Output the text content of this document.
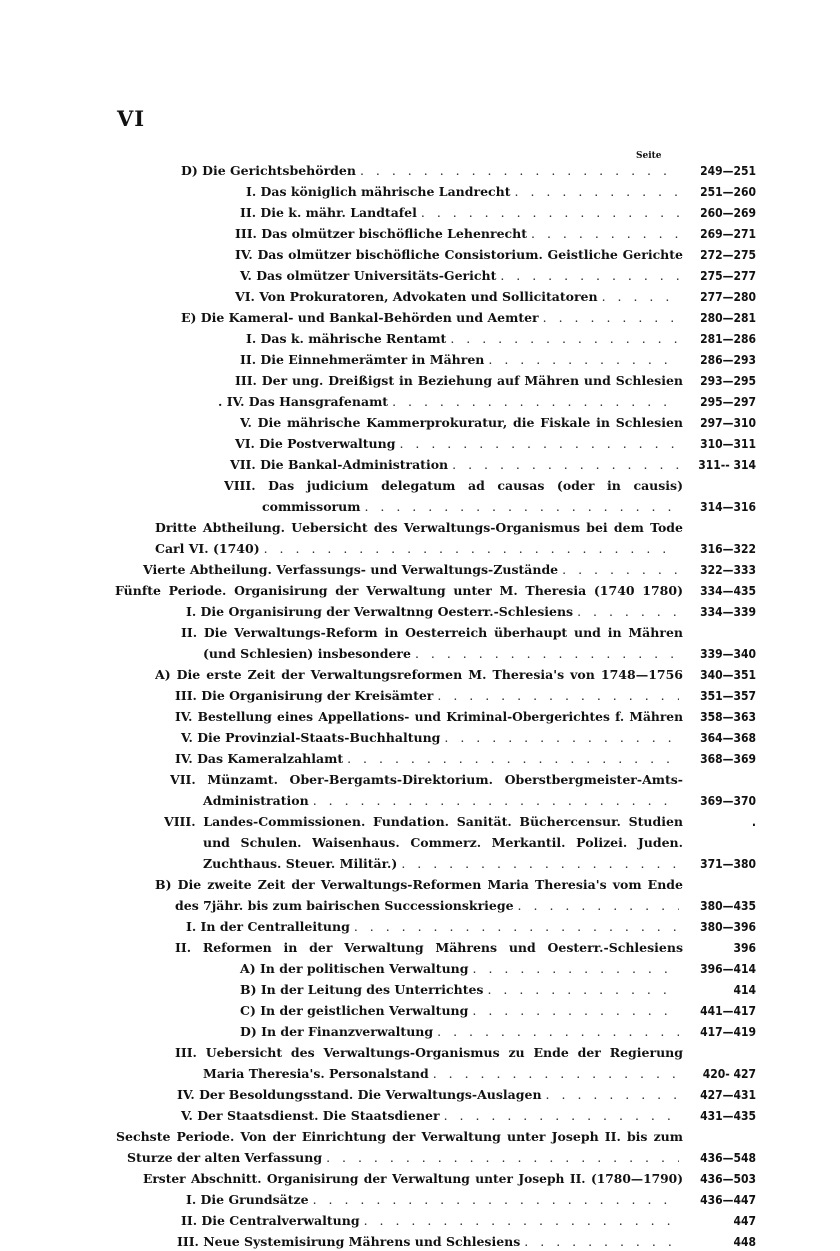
VI
Seite
D) Die Gerichtsbehörden . . .	249—251
I. Das königlich mährische Landrecht . . .	251—260
II. Die k. mähr. Landtafel . . .	260—269
III. Das olmützer bischöfliche Lehenrecht . . .	269—271
IV. Das olmützer bischöfliche Consistorium. Geistliche Gerichte	272—275
V. Das olmützer Universitäts-Gericht . . .	275—277
VI. Von Prokuratoren, Advokaten und Sollicitatoren . . .	277—280
E) Die Kameral- und Bankal-Behörden und Aemter . . .	280—281
I. Das k. mährische Rentamt . . .	281—286
II. Die Einnehmerämter in Mähren . . .	286—293
III. Der ung. Dreißigst in Beziehung auf Mähren und Schlesien	293—295
. IV. Das Hansgrafenamt . . .	295—297
V. Die mährische Kammerprokuratur, die Fiskale in Schlesien	297—310
VI. Die Postverwaltung . . .	310—311
VII. Die Bankal-Administration . . .	311-- 314
VIII. Das judicium delegatum ad causas (oder in causis)
commissorum . . .	314—316
Dritte Abtheilung. Uebersicht des Verwaltungs-Organismus bei dem Tode
Carl VI. (1740) . . .	316—322
Vierte Abtheilung. Verfassungs- und Verwaltungs-Zustände . . .	322—333
Fünfte Periode. Organisirung der Verwaltung unter M. Theresia (1740 1780)	334—435
I. Die Organisirung der Verwaltnng Oesterr.-Schlesiens . . .	334—339
II. Die Verwaltungs-Reform in Oesterreich überhaupt und in Mähren
(und Schlesien) insbesondere . . .	339—340
A) Die erste Zeit der Verwaltungsreformen M. Theresia's von 1748—1756	340—351
III. Die Organisirung der Kreisämter . . .	351—357
IV. Bestellung eines Appellations- und Kriminal-Obergerichtes f. Mähren	358—363
V. Die Provinzial-Staats-Buchhaltung . . .	364—368
IV. Das Kameralzahlamt . . .	368—369
VII. Münzamt. Ober-Bergamts-Direktorium. Oberstbergmeister-Amts-
Administration . . .	369—370
VIII. Landes-Commissionen. Fundation. Sanität. Büchercensur. Studien	.
und Schulen. Waisenhaus. Commerz. Merkantil. Polizei. Juden.
Zuchthaus. Steuer. Militär.) . . .	371—380
B) Die zweite Zeit der Verwaltungs-Reformen Maria Theresia's vom Ende
des 7jähr. bis zum bairischen Successionskriege . . .	380—435
I. In der Centralleitung . . .	380—396
II. Reformen in der Verwaltung Mährens und Oesterr.-Schlesiens	396
A) In der politischen Verwaltung . . .	396—414
B) In der Leitung des Unterrichtes . . .	414
C) In der geistlichen Verwaltung . . .	441—417
D) In der Finanzverwaltung . . .	417—419
III. Uebersicht des Verwaltungs-Organismus zu Ende der Regierung
Maria Theresia's. Personalstand . . .	420- 427
IV. Der Besoldungsstand. Die Verwaltungs-Auslagen . . .	427—431
V. Der Staatsdienst. Die Staatsdiener . . .	431—435
Sechste Periode. Von der Einrichtung der Verwaltung unter Joseph II. bis zum
Sturze der alten Verfassung . . .	436—548
Erster Abschnitt. Organisirung der Verwaltung unter Joseph II. (1780—1790)	436—503
I. Die Grundsätze . . .	436—447
II. Die Centralverwaltung . . .	447
III. Neue Systemisirung Mährens und Schlesiens . . .	448
